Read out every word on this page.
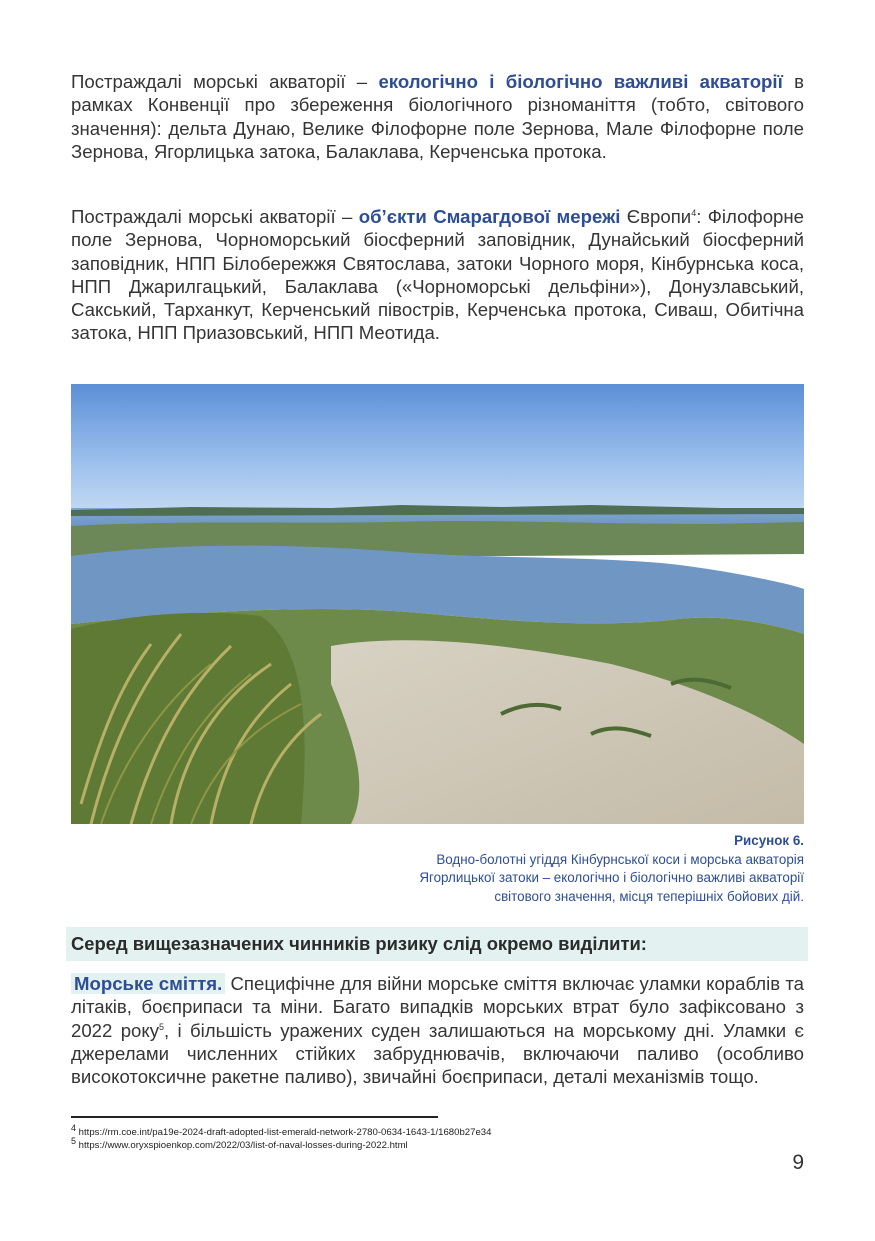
Постраждалі морські акваторії – екологічно і біологічно важливі акваторії в рамках Конвенції про збереження біологічного різноманіття (тобто, світового значення): дельта Дунаю, Велике Філофорне поле Зернова, Мале Філофорне поле Зернова, Ягорлицька затока, Балаклава, Керченська протока.

Постраждалі морські акваторії – об’єкти Смарагдової мережі Європи$^4$: Філофорне поле Зернова, Чорноморський біосферний заповідник, Дунайський біосферний заповідник, НПП Білобережжя Святослава, затоки Чорного моря, Кінбурнська коса, НПП Джарилгацький, Балаклава («Чорноморські дельфіни»), Донузлавський, Сакський, Тарханкут, Керченський півострів, Керченська протока, Сиваш, Обитічна затока, НПП Приазовський, НПП Меотида.

Рисунок 6.
Водно-болотні угіддя Кінбурнської коси і морська акваторія
Ягорлицької затоки – екологічно і біологічно важливі акваторії
світового значення, місця теперішніх бойових дій.
Серед вищезазначених чинників ризику слід окремо виділити:

Морське сміття. Специфічне для війни морське сміття включає уламки кораблів та літаків, боєприпаси та міни. Багато випадків морських втрат було зафіксовано з 2022 року$^5$, і більшість уражених суден залишаються на морському дні. Уламки є джерелами численних стійких забруднювачів, включаючи паливо (особливо високотоксичне ракетне паливо), звичайні боєприпаси, деталі механізмів тощо.

$^4$ https://rm.coe.int/pa19e-2024-draft-adopted-list-emerald-network-2780-0634-1643-1/1680b27e34
$^5$ https://www.oryxspioenkop.com/2022/03/list-of-naval-losses-during-2022.html
9
